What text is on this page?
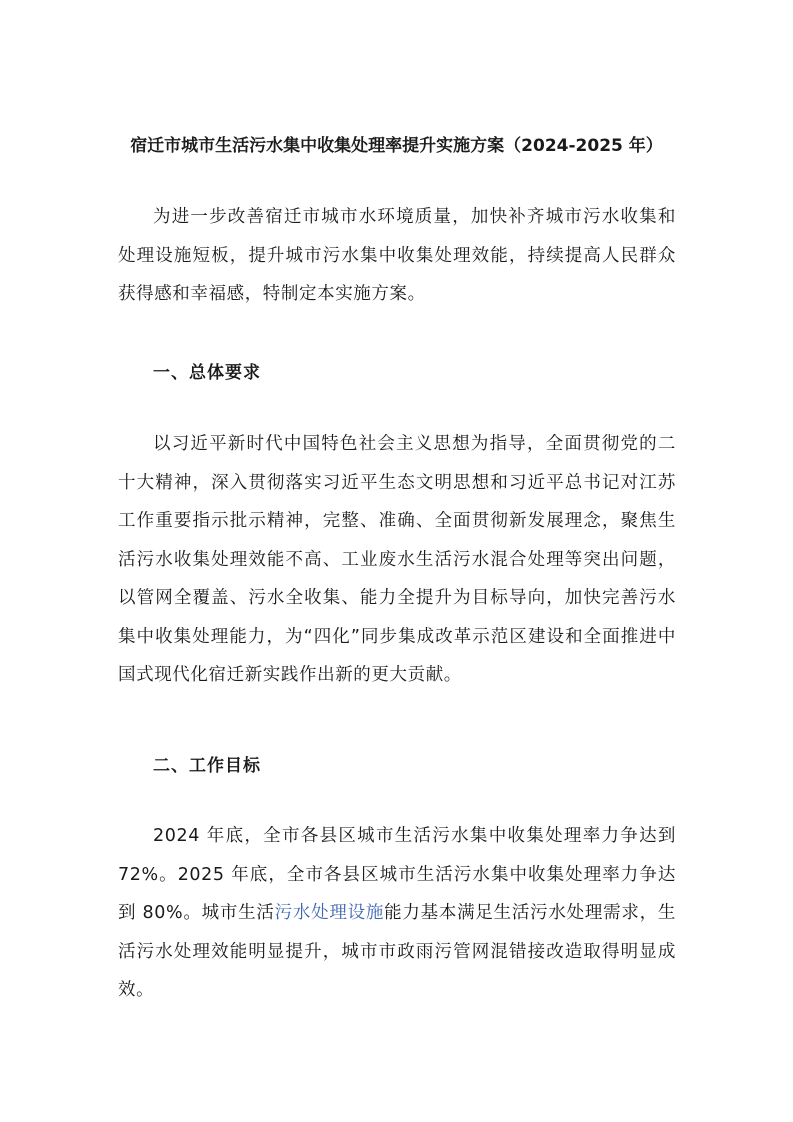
宿迁市城市生活污水集中收集处理率提升实施方案（2024-2025 年）

为进一步改善宿迁市城市水环境质量，加快补齐城市污水收集和处理设施短板，提升城市污水集中收集处理效能，持续提高人民群众获得感和幸福感，特制定本实施方案。

一、总体要求

以习近平新时代中国特色社会主义思想为指导，全面贯彻党的二十大精神，深入贯彻落实习近平生态文明思想和习近平总书记对江苏工作重要指示批示精神，完整、准确、全面贯彻新发展理念，聚焦生活污水收集处理效能不高、工业废水生活污水混合处理等突出问题，以管网全覆盖、污水全收集、能力全提升为目标导向，加快完善污水集中收集处理能力，为“四化”同步集成改革示范区建设和全面推进中国式现代化宿迁新实践作出新的更大贡献。

二、工作目标

2024 年底，全市各县区城市生活污水集中收集处理率力争达到 72%。2025 年底，全市各县区城市生活污水集中收集处理率力争达到 80%。城市生活污水处理设施能力基本满足生活污水处理需求，生活污水处理效能明显提升，城市市政雨污管网混错接改造取得明显成效。
